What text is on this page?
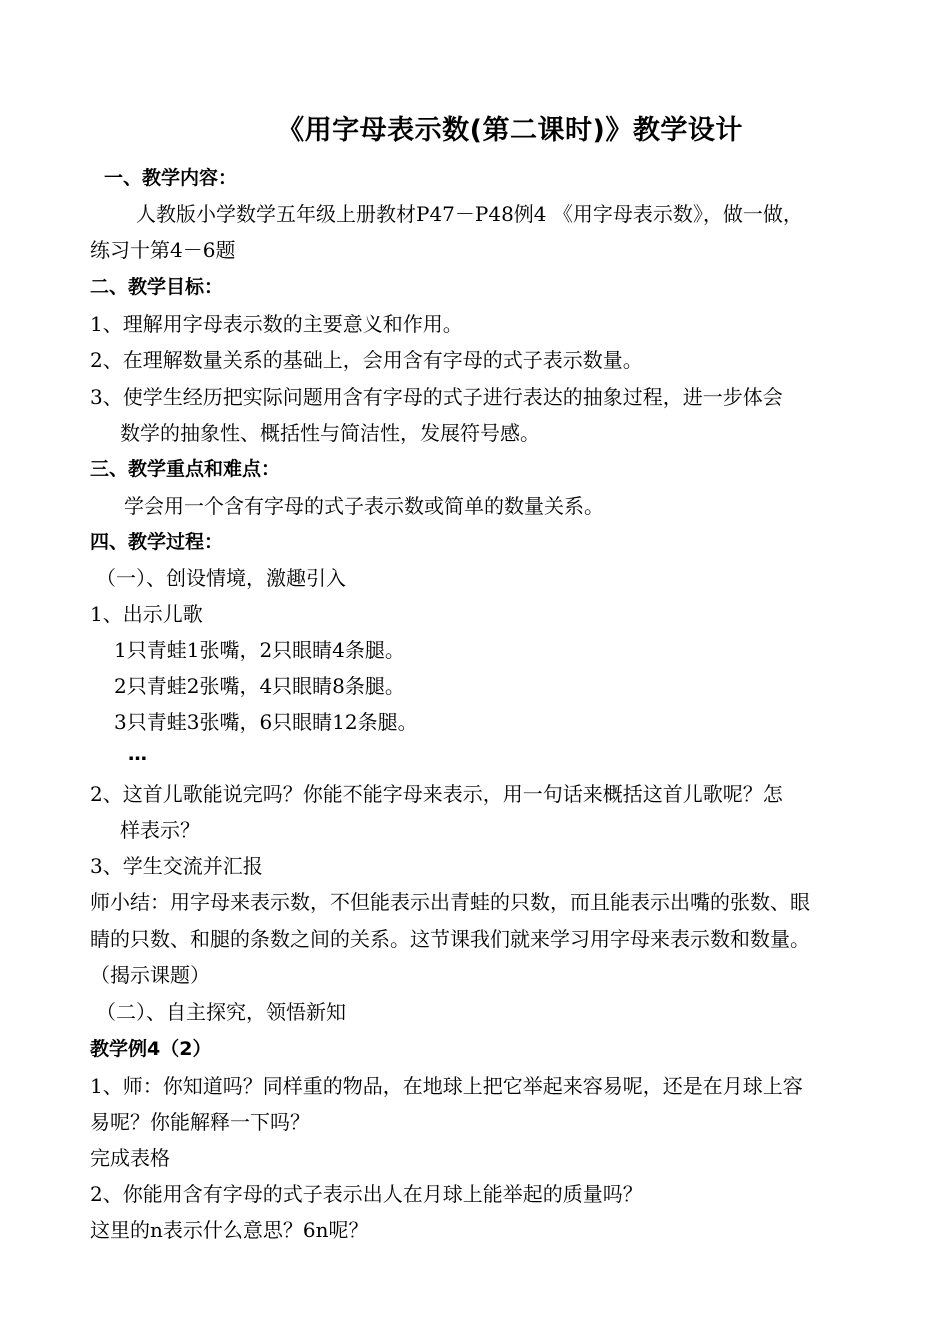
《用字母表示数(第二课时)》教学设计
一、教学内容：
人教版小学数学五年级上册教材P47－P48例4 《用字母表示数》，做一做，
练习十第4－6题
二、教学目标：
1、理解用字母表示数的主要意义和作用。
2、在理解数量关系的基础上，会用含有字母的式子表示数量。
3、使学生经历把实际问题用含有字母的式子进行表达的抽象过程，进一步体会
数学的抽象性、概括性与简洁性，发展符号感。
三、教学重点和难点：
学会用一个含有字母的式子表示数或简单的数量关系。
四、教学过程：
（一）、创设情境，激趣引入
1、出示儿歌
1只青蛙1张嘴，2只眼睛4条腿。
2只青蛙2张嘴，4只眼睛8条腿。
3只青蛙3张嘴，6只眼睛12条腿。
…
2、这首儿歌能说完吗？你能不能字母来表示，用一句话来概括这首儿歌呢？怎
样表示？
3、学生交流并汇报
师小结：用字母来表示数，不但能表示出青蛙的只数，而且能表示出嘴的张数、眼
睛的只数、和腿的条数之间的关系。这节课我们就来学习用字母来表示数和数量。
（揭示课题）
（二）、自主探究，领悟新知
教学例4（2）
1、师：你知道吗？同样重的物品，在地球上把它举起来容易呢，还是在月球上容
易呢？你能解释一下吗？
完成表格
2、你能用含有字母的式子表示出人在月球上能举起的质量吗？
这里的n表示什么意思？6n呢？
